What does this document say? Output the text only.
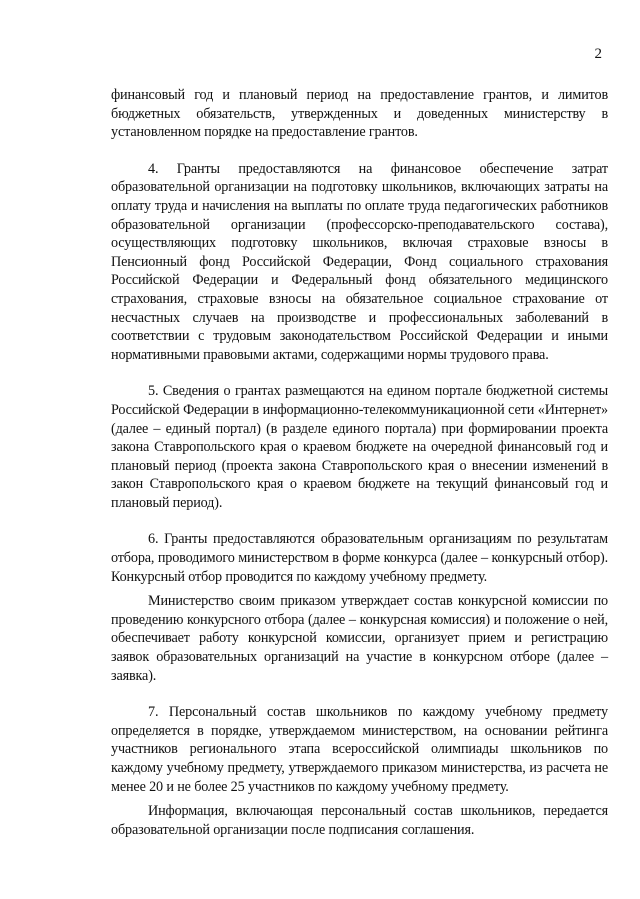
2

финансовый год и плановый период на предоставление грантов, и лимитов бюджетных обязательств, утвержденных и доведенных министерству в установленном порядке на предоставление грантов.

4. Гранты предоставляются на финансовое обеспечение затрат образовательной организации на подготовку школьников, включающих затраты на оплату труда и начисления на выплаты по оплате труда педагогических работников образовательной организации (профессорско-преподавательского состава), осуществляющих подготовку школьников, включая страховые взносы в Пенсионный фонд Российской Федерации, Фонд социального страхования Российской Федерации и Федеральный фонд обязательного медицинского страхования, страховые взносы на обязательное социальное страхование от несчастных случаев на производстве и профессиональных заболеваний в соответствии с трудовым законодательством Российской Федерации и иными нормативными правовыми актами, содержащими нормы трудового права.

5. Сведения о грантах размещаются на едином портале бюджетной системы Российской Федерации в информационно-телекоммуникационной сети «Интернет» (далее – единый портал) (в разделе единого портала) при формировании проекта закона Ставропольского края о краевом бюджете на очередной финансовый год и плановый период (проекта закона Ставропольского края о внесении изменений в закон Ставропольского края о краевом бюджете на текущий финансовый год и плановый период).

6. Гранты предоставляются образовательным организациям по результатам отбора, проводимого министерством в форме конкурса (далее – конкурсный отбор). Конкурсный отбор проводится по каждому учебному предмету.

Министерство своим приказом утверждает состав конкурсной комиссии по проведению конкурсного отбора (далее – конкурсная комиссия) и положение о ней, обеспечивает работу конкурсной комиссии, организует прием и регистрацию заявок образовательных организаций на участие в конкурсном отборе (далее – заявка).

7. Персональный состав школьников по каждому учебному предмету определяется в порядке, утверждаемом министерством, на основании рейтинга участников регионального этапа всероссийской олимпиады школьников по каждому учебному предмету, утверждаемого приказом министерства, из расчета не менее 20 и не более 25 участников по каждому учебному предмету.

Информация, включающая персональный состав школьников, передается образовательной организации после подписания соглашения.
